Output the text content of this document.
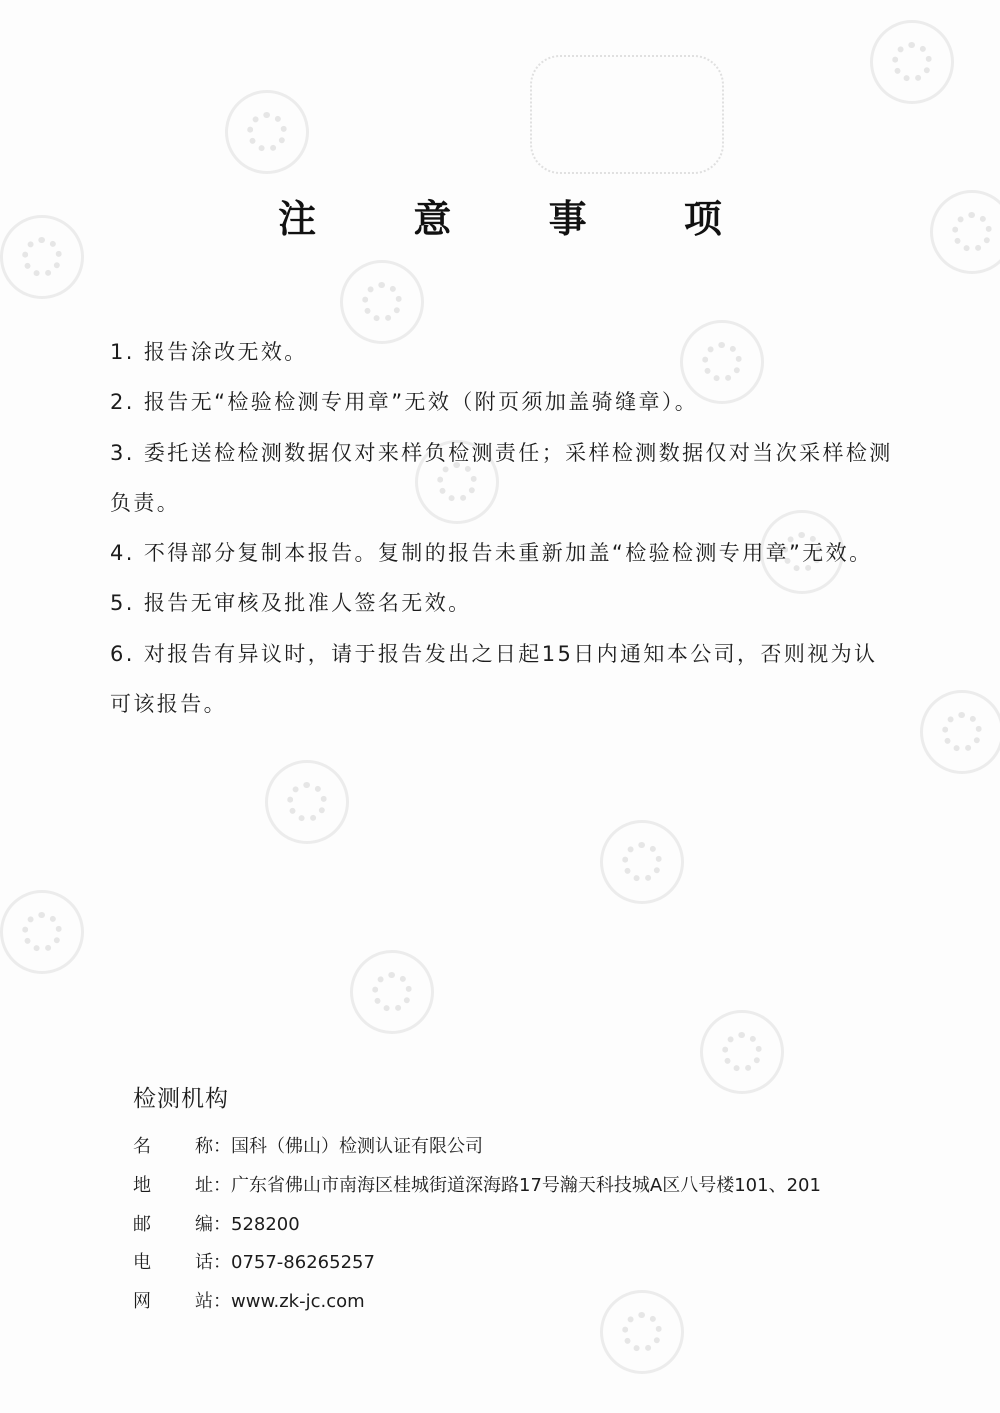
注 意 事 项
1. 报告涂改无效。
2. 报告无“检验检测专用章”无效（附页须加盖骑缝章）。
3. 委托送检检测数据仅对来样负检测责任；采样检测数据仅对当次采样检测
负责。
4. 不得部分复制本报告。复制的报告未重新加盖“检验检测专用章”无效。
5. 报告无审核及批准人签名无效。
6. 对报告有异议时，请于报告发出之日起15日内通知本公司，否则视为认
可该报告。
检测机构
名	称： 国科（佛山）检测认证有限公司
地	址： 广东省佛山市南海区桂城街道深海路17号瀚天科技城A区八号楼101、201
邮	编： 528200
电	话： 0757-86265257
网	站： www.zk-jc.com
